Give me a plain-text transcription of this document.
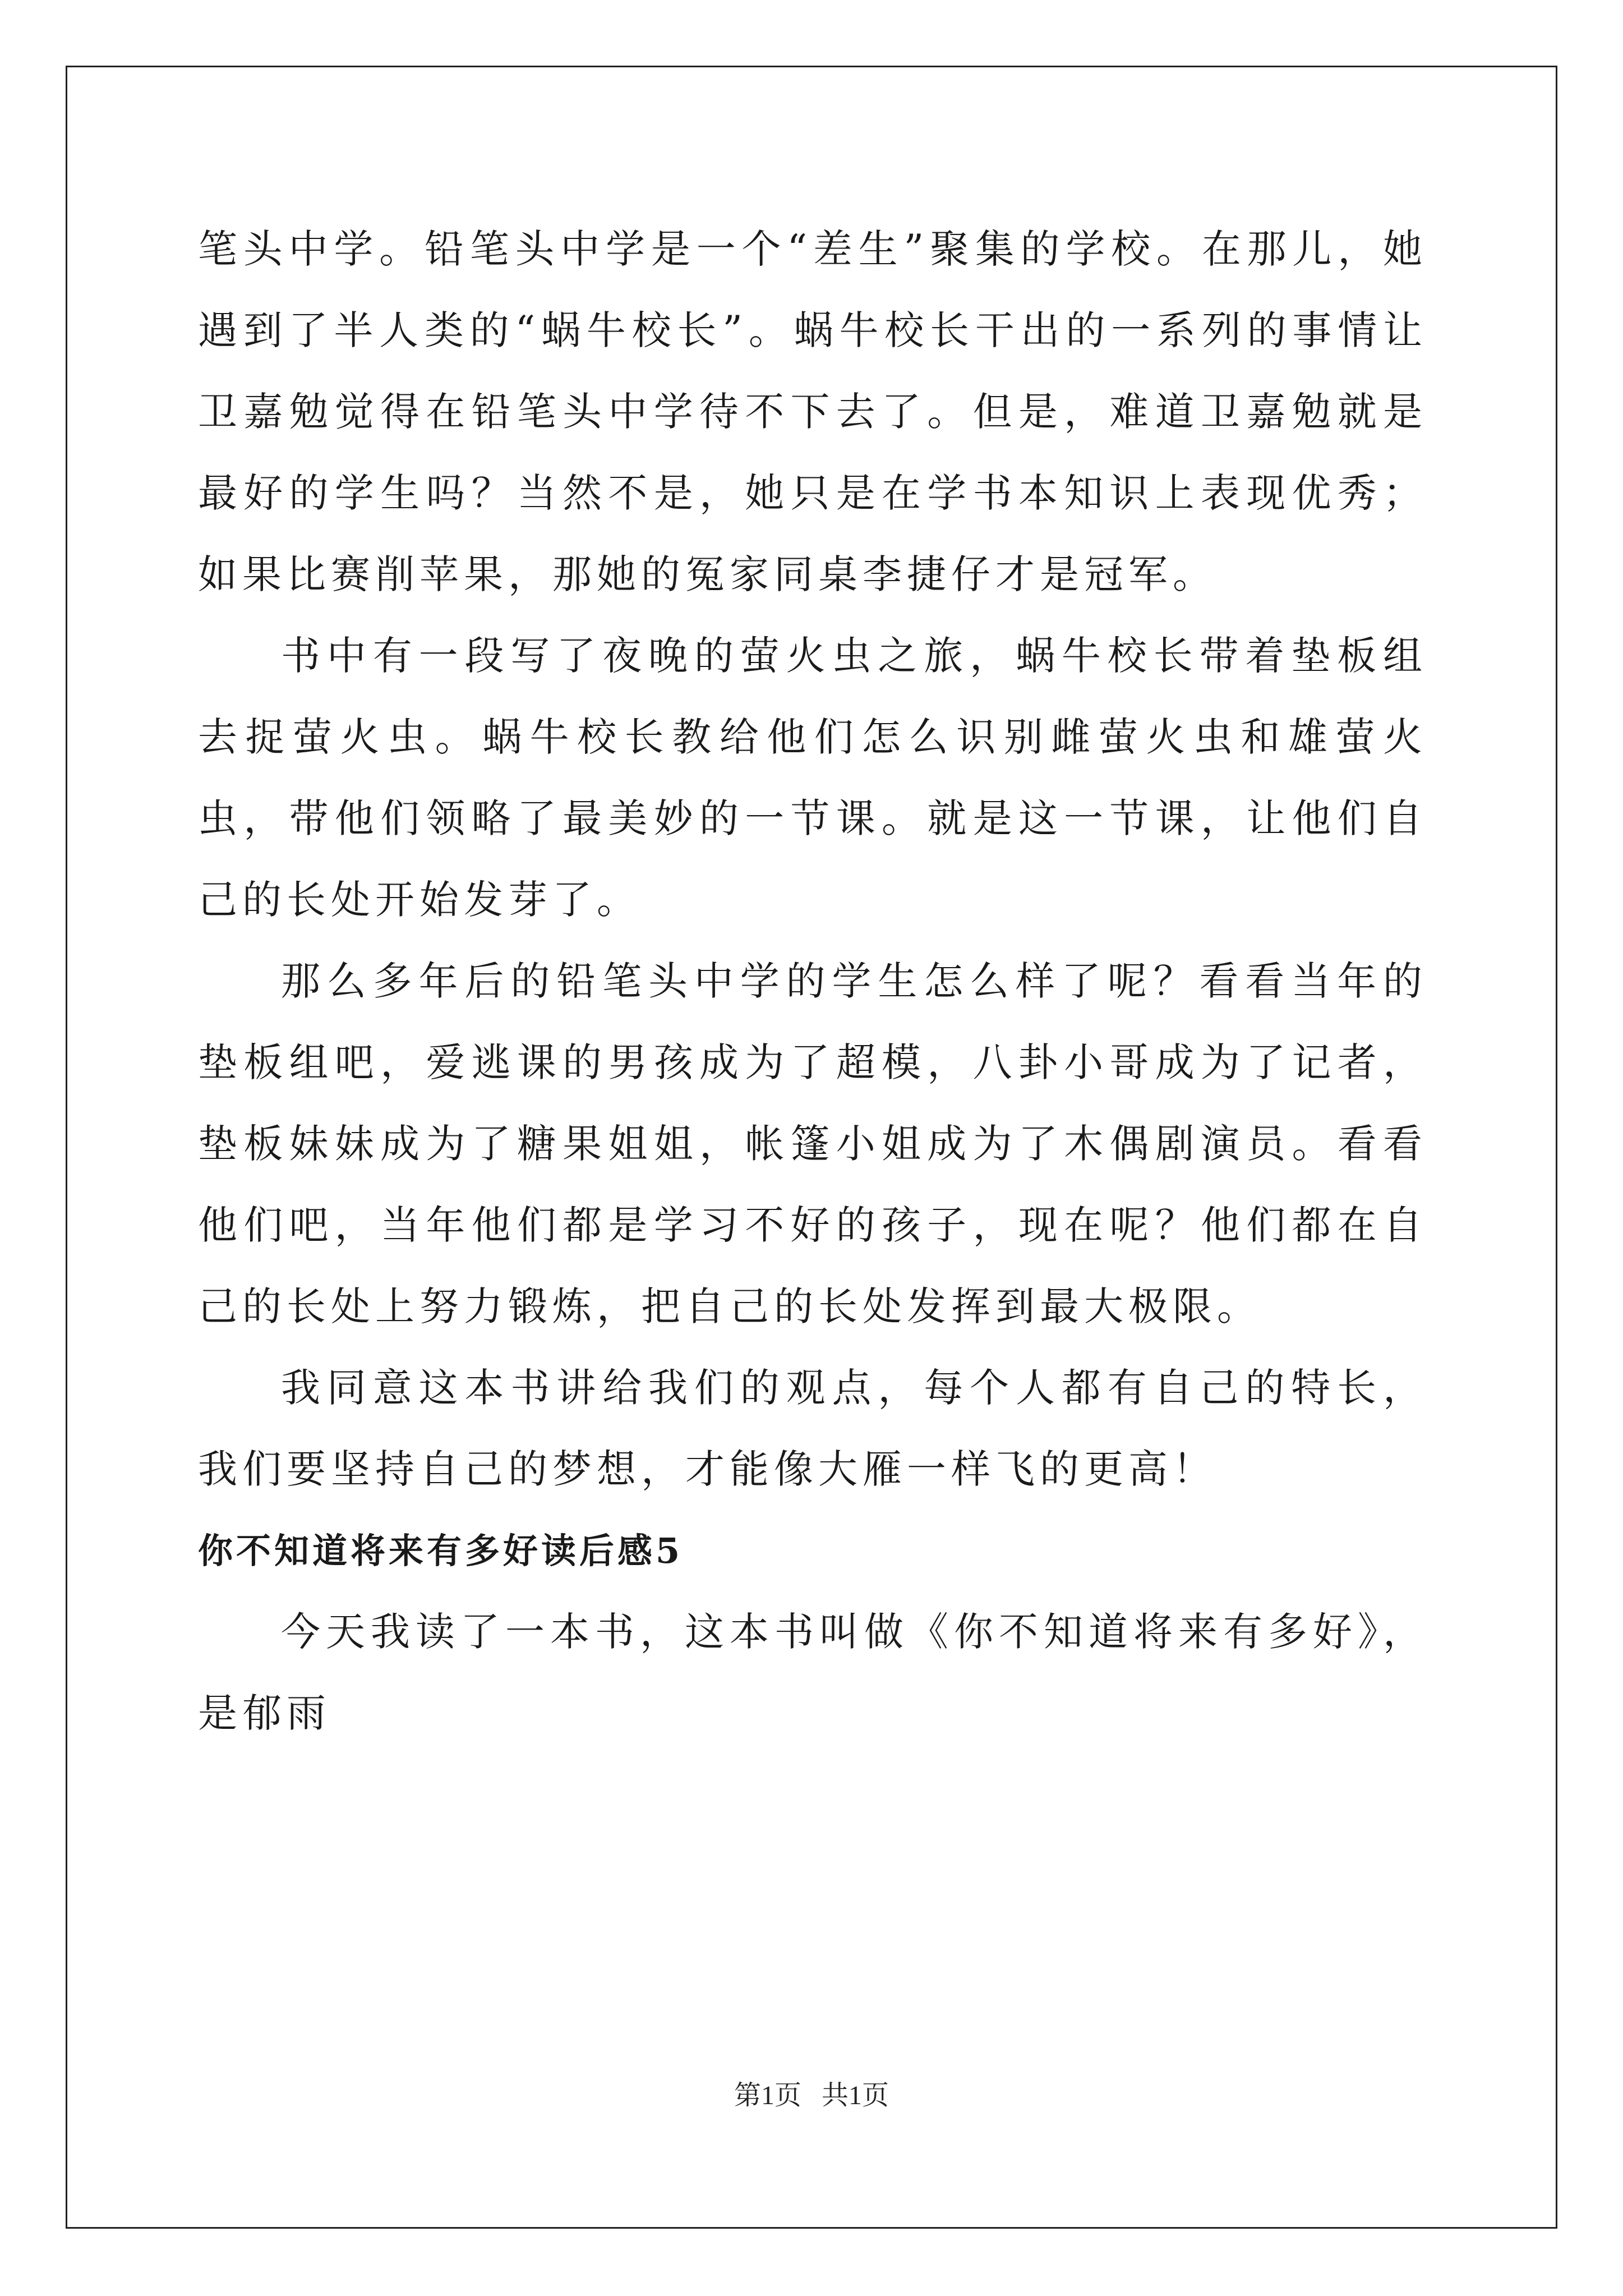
笔头中学。铅笔头中学是一个“差生”聚集的学校。在那儿，她遇到了半人类的“蜗牛校长”。蜗牛校长干出的一系列的事情让卫嘉勉觉得在铅笔头中学待不下去了。但是，难道卫嘉勉就是最好的学生吗？当然不是，她只是在学书本知识上表现优秀；如果比赛削苹果，那她的冤家同桌李捷仔才是冠军。

书中有一段写了夜晚的萤火虫之旅，蜗牛校长带着垫板组去捉萤火虫。蜗牛校长教给他们怎么识别雌萤火虫和雄萤火虫，带他们领略了最美妙的一节课。就是这一节课，让他们自己的长处开始发芽了。

那么多年后的铅笔头中学的学生怎么样了呢？看看当年的垫板组吧，爱逃课的男孩成为了超模，八卦小哥成为了记者，垫板妹妹成为了糖果姐姐，帐篷小姐成为了木偶剧演员。看看他们吧，当年他们都是学习不好的孩子，现在呢？他们都在自己的长处上努力锻炼，把自己的长处发挥到最大极限。

我同意这本书讲给我们的观点，每个人都有自己的特长，我们要坚持自己的梦想，才能像大雁一样飞的更高！

你不知道将来有多好读后感5

今天我读了一本书，这本书叫做《你不知道将来有多好》，是郁雨

第1页 共1页
